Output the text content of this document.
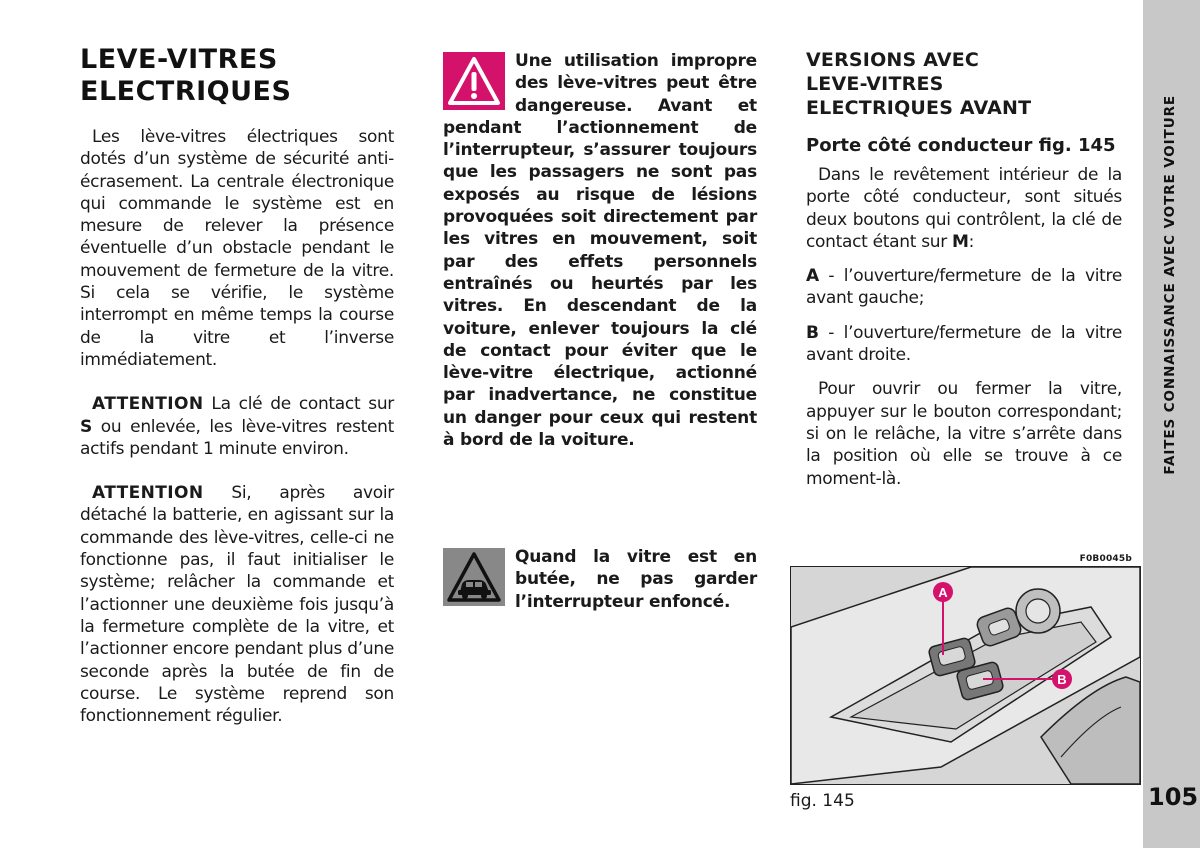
LEVE-VITRES
ELECTRIQUES

Les lève-vitres électriques sont dotés d’un système de sécurité anti-écrasement. La centrale électronique qui commande le système est en mesure de relever la présence éventuelle d’un obstacle pendant le mouvement de fermeture de la vitre. Si cela se vérifie, le système interrompt en même temps la course de la vitre et l’inverse immédiatement.

ATTENTION La clé de contact sur S ou enlevée, les lève-vitres restent actifs pendant 1 minute environ.

ATTENTION Si, après avoir détaché la batterie, en agissant sur la commande des lève-vitres, celle-ci ne fonctionne pas, il faut initialiser le système; relâcher la commande et l’actionner une deuxième fois jusqu’à la fermeture complète de la vitre, et l’actionner encore pendant plus d’une seconde après la butée de fin de course. Le système reprend son fonctionnement régulier.

Une utilisation impropre des lève-vitres peut être dangereuse. Avant et pendant l’actionnement de l’interrupteur, s’assurer toujours que les passagers ne sont pas exposés au risque de lésions provoquées soit directement par les vitres en mouvement, soit par des effets personnels entraînés ou heurtés par les vitres. En descendant de la voiture, enlever toujours la clé de contact pour éviter que le lève-vitre électrique, actionné par inadvertance, ne constitue un danger pour ceux qui restent à bord de la voiture.
Quand la vitre est en butée, ne pas garder l’interrupteur enfoncé.
VERSIONS AVEC
LEVE-VITRES
ELECTRIQUES AVANT
Porte côté conducteur fig. 145

Dans le revêtement intérieur de la porte côté conducteur, sont situés deux boutons qui contrôlent, la clé de contact étant sur M:

A - l’ouverture/fermeture de la vitre avant gauche;

B - l’ouverture/fermeture de la vitre avant droite.

Pour ouvrir ou fermer la vitre, appuyer sur le bouton correspondant; si on le relâche, la vitre s’arrête dans la position où elle se trouve à ce moment-là.

F0B0045b
A
B
fig. 145
FAITES CONNAISSANCE AVEC VOTRE VOITURE
105
